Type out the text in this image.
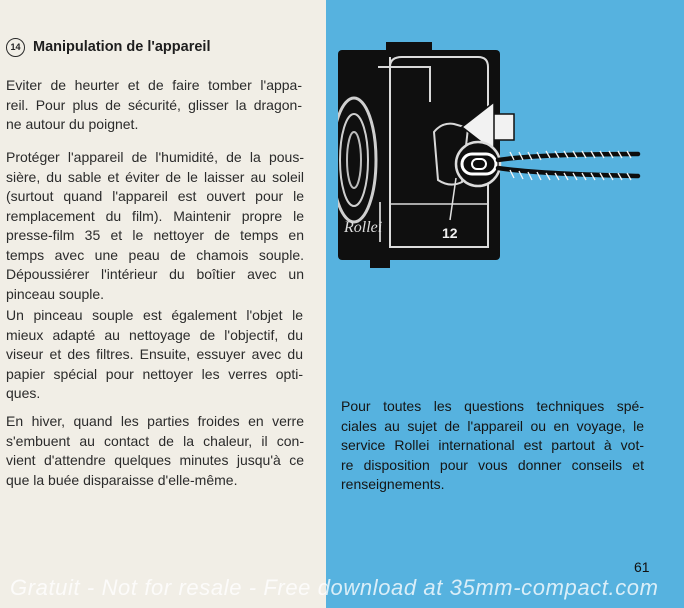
14 Manipulation de l'appareil

Eviter de heurter et de faire tomber l'appa-
reil. Pour plus de sécurité, glisser la dragon-
ne autour du poignet.

Protéger l'appareil de l'humidité, de la pous-
sière, du sable et éviter de le laisser au soleil
(surtout quand l'appareil est ouvert pour le
remplacement du film). Maintenir propre le
presse-film 35 et le nettoyer de temps en
temps avec une peau de chamois souple.
Dépoussiérer l'intérieur du boîtier avec un
pinceau souple.

Un pinceau souple est également l'objet le
mieux adapté au nettoyage de l'objectif, du
viseur et des filtres. Ensuite, essuyer avec du
papier spécial pour nettoyer les verres opti-
ques.

En hiver, quand les parties froides en verre
s'embuent au contact de la chaleur, il con-
vient d'attendre quelques minutes jusqu'à ce
que la buée disparaisse d'elle-même.

Rollei	12

Pour toutes les questions techniques spé-
ciales au sujet de l'appareil ou en voyage, le
service Rollei international est partout à vot-
re disposition pour vous donner conseils et
renseignements.

61
Gratuit - Not for resale - Free download at 35mm-compact.com
